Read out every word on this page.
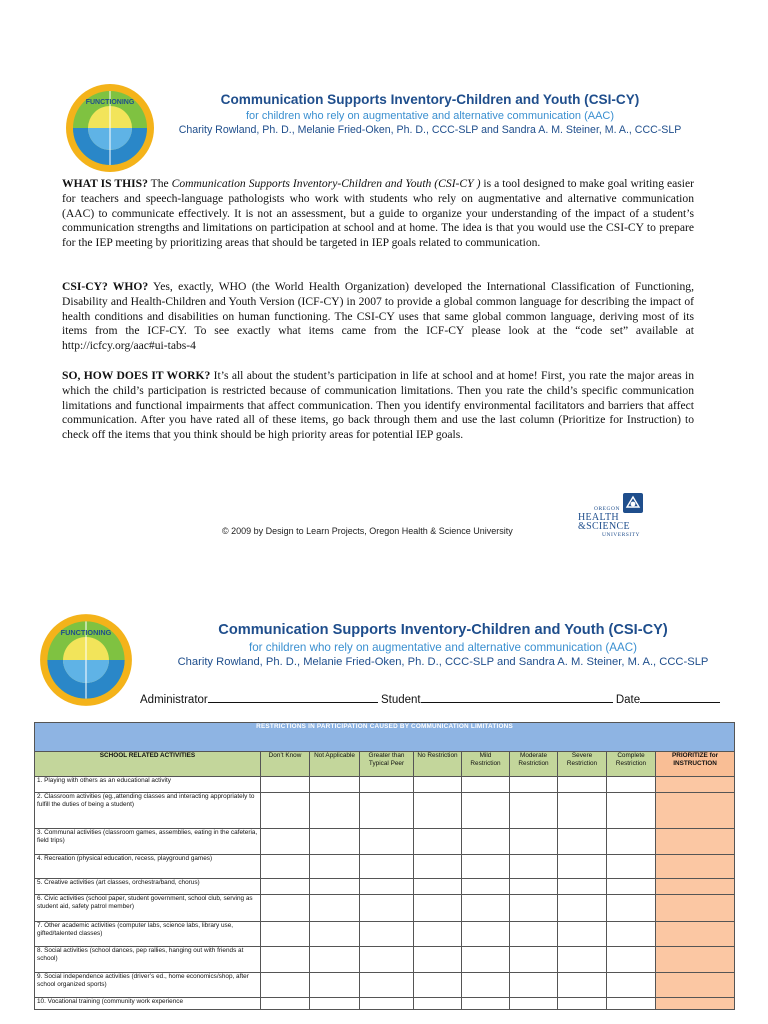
FUNCTIONING	Communication Supports Inventory-Children and Youth (CSI-CY)
for children who rely on augmentative and alternative communication (AAC)
Charity Rowland, Ph. D., Melanie Fried-Oken, Ph. D., CCC-SLP and Sandra A. M. Steiner, M. A., CCC-SLP
WHAT IS THIS? The Communication Supports Inventory-Children and Youth (CSI-CY ) is a tool designed to make goal writing easier for teachers and speech-language pathologists who work with students who rely on augmentative and alternative communication (AAC) to communicate effectively. It is not an assessment, but a guide to organize your understanding of the impact of a student’s communication strengths and limitations on participation at school and at home. The idea is that you would use the CSI-CY to prepare for the IEP meeting by prioritizing areas that should be targeted in IEP goals related to communication.
CSI-CY? WHO? Yes, exactly, WHO (the World Health Organization) developed the International Classification of Functioning, Disability and Health-Children and Youth Version (ICF-CY) in 2007 to provide a global common language for describing the impact of health conditions and disabilities on human functioning. The CSI-CY uses that same global common language, deriving most of its items from the ICF-CY. To see exactly what items came from the ICF-CY please look at the “code set” available at http://icfcy.org/aac#ui-tabs-4
SO, HOW DOES IT WORK? It’s all about the student’s participation in life at school and at home! First, you rate the major areas in which the child’s participation is restricted because of communication limitations. Then you rate the child’s specific communication limitations and functional impairments that affect communication. Then you identify environmental facilitators and barriers that affect communication. After you have rated all of these items, go back through them and use the last column (Prioritize for Instruction) to check off the items that you think should be high priority areas for potential IEP goals.
© 2009 by Design to Learn Projects, Oregon Health & Science University
OREGON
HEALTH
&SCIENCE
UNIVERSITY
FUNCTIONING	Communication Supports Inventory-Children and Youth (CSI-CY)
for children who rely on augmentative and alternative communication (AAC)
Charity Rowland, Ph. D., Melanie Fried-Oken, Ph. D., CCC-SLP and Sandra A. M. Steiner, M. A., CCC-SLP
Administrator	Student	Date
RESTRICTIONS IN PARTICIPATION CAUSED BY COMMUNICATION LIMITATIONS									
SCHOOL RELATED ACTIVITIES	Don’t Know	Not Applicable	Greater than Typical Peer	No Restriction	Mild Restriction	Moderate Restriction	Severe Restriction	Complete Restriction	PRIORITIZE for INSTRUCTION
1. Playing with others as an educational activity									
2. Classroom activities (eg.,attending classes and interacting appropriately to fulfill the duties of being a student)									
3. Communal activities (classroom games, assemblies, eating in the cafeteria, field trips)									
4. Recreation (physical education, recess, playground games)									
5. Creative activities (art classes, orchestra/band, chorus)									
6. Civic activities (school paper, student government, school club, serving as student aid, safety patrol member)									
7. Other academic activities (computer labs, science labs, library use, gifted/talented classes)									
8. Social activities (school dances, pep rallies, hanging out with friends at school)									
9. Social independence activities (driver’s ed., home economics/shop, after school organized sports)									
10. Vocational training (community work experience									
